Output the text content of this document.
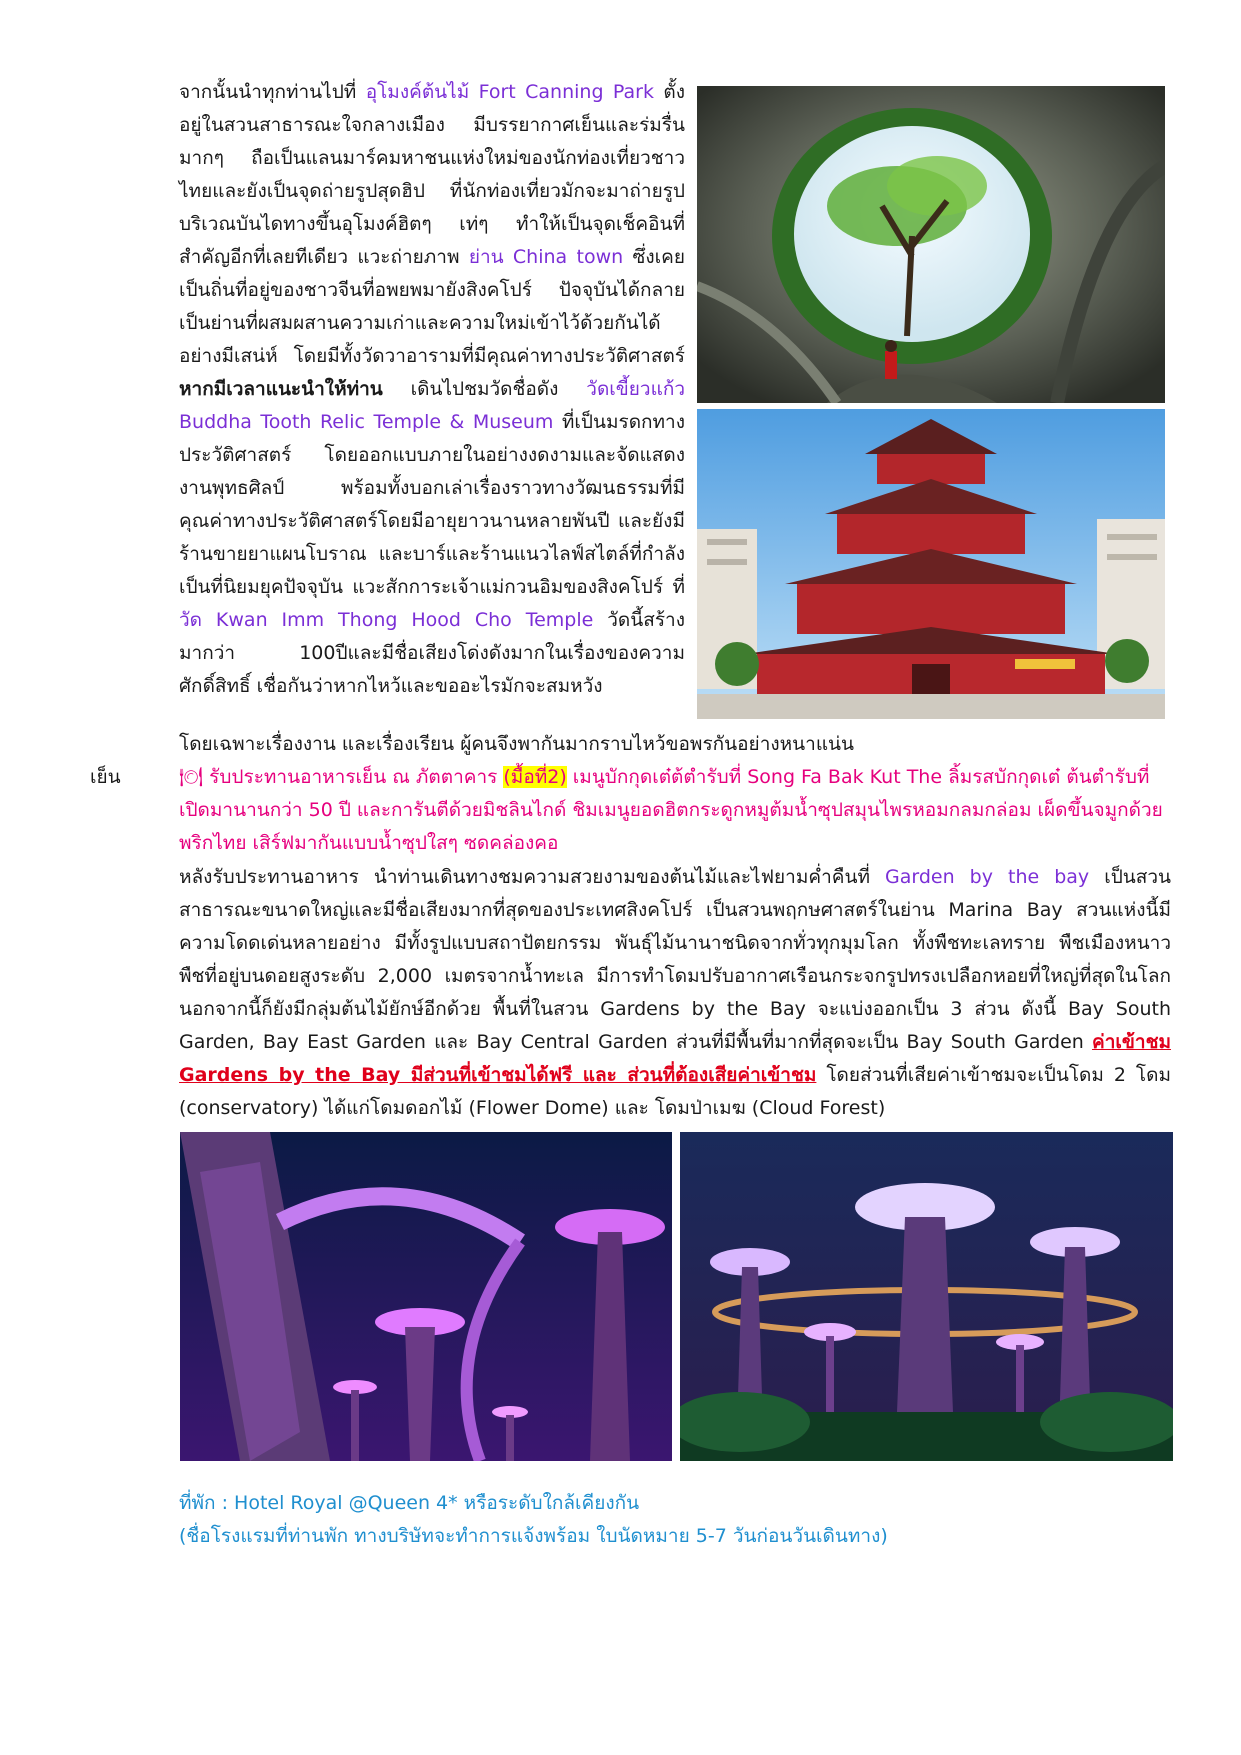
จากนั้นนำทุกท่านไปที่ อุโมงค์ต้นไม้ Fort Canning Park ตั้งอยู่ในสวนสาธารณะใจกลางเมือง มีบรรยากาศเย็นและร่มรื่นมากๆ ถือเป็นแลนมาร์คมหาชนแห่งใหม่ของนักท่องเที่ยวชาวไทยและยังเป็นจุดถ่ายรูปสุดฮิป ที่นักท่องเที่ยวมักจะมาถ่ายรูปบริเวณบันไดทางขึ้นอุโมงค์ฮิตๆ เท่ๆ ทำให้เป็นจุดเช็คอินที่สำคัญอีกที่เลยทีเดียว แวะถ่ายภาพ ย่าน China town ซึ่งเคยเป็นถิ่นที่อยู่ของชาวจีนที่อพยพมายังสิงคโปร์ ปัจจุบันได้กลายเป็นย่านที่ผสมผสานความเก่าและความใหม่เข้าไว้ด้วยกันได้อย่างมีเสน่ห์ โดยมีทั้งวัดวาอารามที่มีคุณค่าทางประวัติศาสตร์ หากมีเวลาแนะนำให้ท่าน เดินไปชมวัดชื่อดัง วัดเขี้ยวแก้ว Buddha Tooth Relic Temple & Museum ที่เป็นมรดกทางประวัติศาสตร์ โดยออกแบบภายในอย่างงดงามและจัดแสดงงานพุทธศิลป์ พร้อมทั้งบอกเล่าเรื่องราวทางวัฒนธรรมที่มีคุณค่าทางประวัติศาสตร์โดยมีอายุยาวนานหลายพันปี และยังมีร้านขายยาแผนโบราณ และบาร์และร้านแนวไลฟ์สไตล์ที่กำลังเป็นที่นิยมยุคปัจจุบัน แวะสักการะเจ้าแม่กวนอิมของสิงคโปร์ ที่ วัด Kwan Imm Thong Hood Cho Temple วัดนี้สร้างมากว่า 100ปีและมีชื่อเสียงโด่งดังมากในเรื่องของความศักดิ์สิทธิ์ เชื่อกันว่าหากไหว้และขออะไรมักจะสมหวัง

โดยเฉพาะเรื่องงาน และเรื่องเรียน ผู้คนจึงพากันมากราบไหว้ขอพรกันอย่างหนาแน่น
เย็น	🍽 รับประทานอาหารเย็น ณ ภัตตาคาร (มื้อที่2) เมนูบักกุดเต๋ต้ตำรับที่ Song Fa Bak Kut The ลิ้มรสบักกุดเต๋ ต้นตำรับที่เปิดมานานกว่า 50 ปี และการันตีด้วยมิชลินไกด์ ชิมเมนูยอดฮิตกระดูกหมูต้มน้ำซุปสมุนไพรหอมกลมกล่อม เผ็ดขึ้นจมูกด้วยพริกไทย เสิร์ฟมากันแบบน้ำซุปใสๆ ซดคล่องคอ
หลังรับประทานอาหาร นำท่านเดินทางชมความสวยงามของต้นไม้และไฟยามค่ำคืนที่ Garden by the bay เป็นสวนสาธารณะขนาดใหญ่และมีชื่อเสียงมากที่สุดของประเทศสิงคโปร์ เป็นสวนพฤกษศาสตร์ในย่าน Marina Bay สวนแห่งนี้มีความโดดเด่นหลายอย่าง มีทั้งรูปแบบสถาปัตยกรรม พันธุ์ไม้นานาชนิดจากทั่วทุกมุมโลก ทั้งพืชทะเลทราย พืชเมืองหนาว พืชที่อยู่บนดอยสูงระดับ 2,000 เมตรจากน้ำทะเล มีการทำโดมปรับอากาศเรือนกระจกรูปทรงเปลือกหอยที่ใหญ่ที่สุดในโลก นอกจากนี้ก็ยังมีกลุ่มต้นไม้ยักษ์อีกด้วย พื้นที่ในสวน Gardens by the Bay จะแบ่งออกเป็น 3 ส่วน ดังนี้ Bay South Garden, Bay East Garden และ Bay Central Garden ส่วนที่มีพื้นที่มากที่สุดจะเป็น Bay South Garden ค่าเข้าชม Gardens by the Bay มีส่วนที่เข้าชมได้ฟรี และ ส่วนที่ต้องเสียค่าเข้าชม โดยส่วนที่เสียค่าเข้าชมจะเป็นโดม 2 โดม (conservatory) ได้แก่โดมดอกไม้ (Flower Dome) และ โดมป่าเมฆ (Cloud Forest)

ที่พัก : Hotel Royal @Queen 4* หรือระดับใกล้เคียงกัน

(ชื่อโรงแรมที่ท่านพัก ทางบริษัทจะทำการแจ้งพร้อม ใบนัดหมาย 5-7 วันก่อนวันเดินทาง)
